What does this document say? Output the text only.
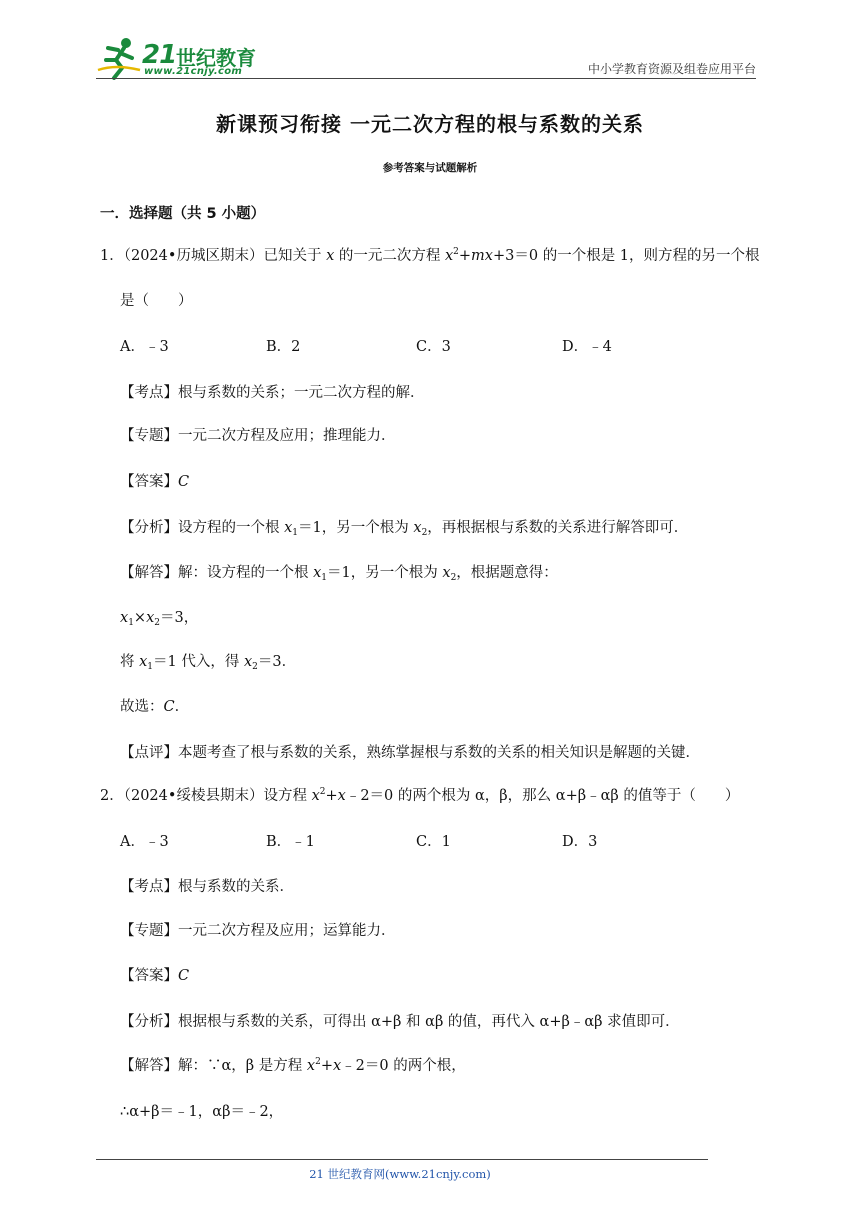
21 世纪教育
www.21cnjy.com	中小学教育资源及组卷应用平台
新课预习衔接 一元二次方程的根与系数的关系
参考答案与试题解析
一．选择题（共 5 小题）
1．（2024•历城区期末）已知关于 x 的一元二次方程 $x^2+mx+3=0$ 的一个根是 1，则方程的另一个根
是（　　）
A．﹣3	B．2	C．3	D．﹣4
【考点】根与系数的关系；一元二次方程的解．
【专题】一元二次方程及应用；推理能力．
【答案】C
【分析】设方程的一个根 $x_1=1$，另一个根为 $x_2$，再根据根与系数的关系进行解答即可．
【解答】解：设方程的一个根 $x_1=1$，另一个根为 $x_2$，根据题意得：
$x_1\times x_2=3$，
将 $x_1=1$ 代入，得 $x_2=3$．
故选：C．
【点评】本题考查了根与系数的关系，熟练掌握根与系数的关系的相关知识是解题的关键．
2．（2024•绥棱县期末）设方程 $x^2+x﹣2=0$ 的两个根为 α，β，那么 α+β﹣αβ 的值等于（　　）
A．﹣3	B．﹣1	C．1	D．3
【考点】根与系数的关系．
【专题】一元二次方程及应用；运算能力．
【答案】C
【分析】根据根与系数的关系，可得出 α+β 和 αβ 的值，再代入 α+β﹣αβ 求值即可．
【解答】解：∵α，β 是方程 $x^2+x﹣2=0$ 的两个根，
∴α+β＝﹣1，αβ＝﹣2，
21 世纪教育网(www.21cnjy.com)
